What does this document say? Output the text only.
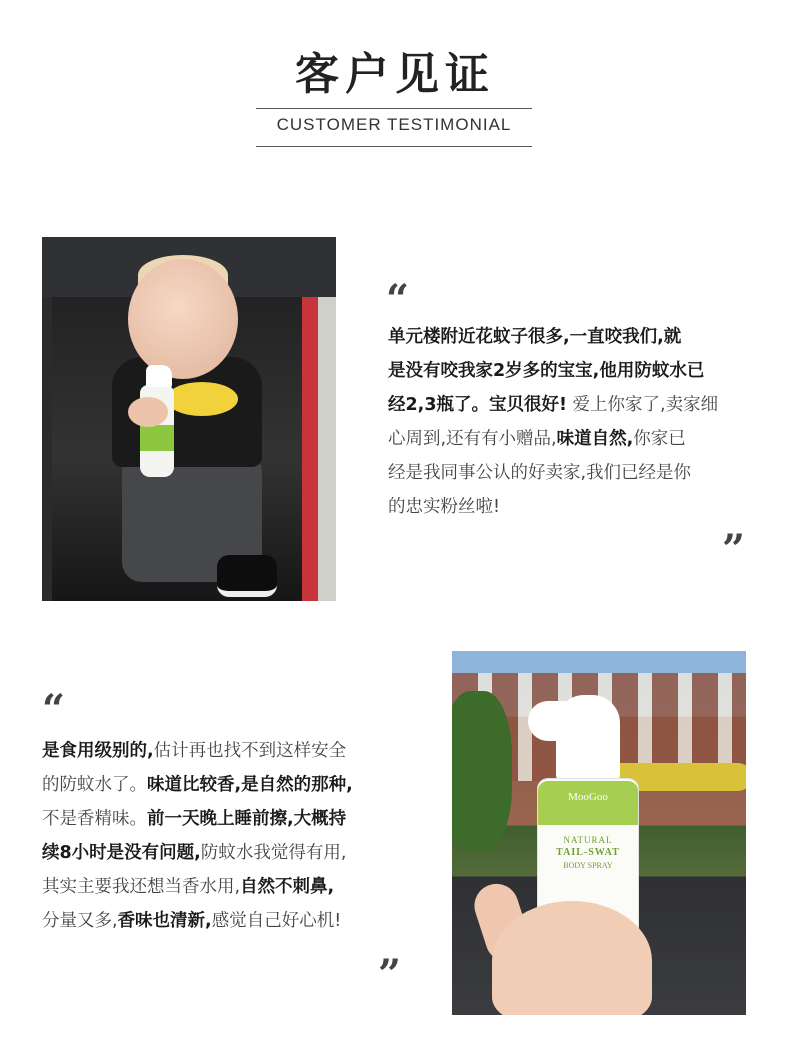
客户见证
CUSTOMER TESTIMONIAL
“
单元楼附近花蚊子很多,一直咬我们,就
是没有咬我家2岁多的宝宝,他用防蚊水已
经2,3瓶了。宝贝很好! 爱上你家了,卖家细
心周到,还有有小赠品,味道自然,你家已
经是我同事公认的好卖家,我们已经是你
的忠实粉丝啦!
”
“
是食用级别的,估计再也找不到这样安全
的防蚊水了。味道比较香,是自然的那种,
不是香精味。前一天晚上睡前擦,大概持
续8小时是没有问题,防蚊水我觉得有用,
其实主要我还想当香水用,自然不刺鼻,
分量又多,香味也清新,感觉自己好心机!
”
MooGoo
NATURAL
TAIL-SWAT
BODY SPRAY
